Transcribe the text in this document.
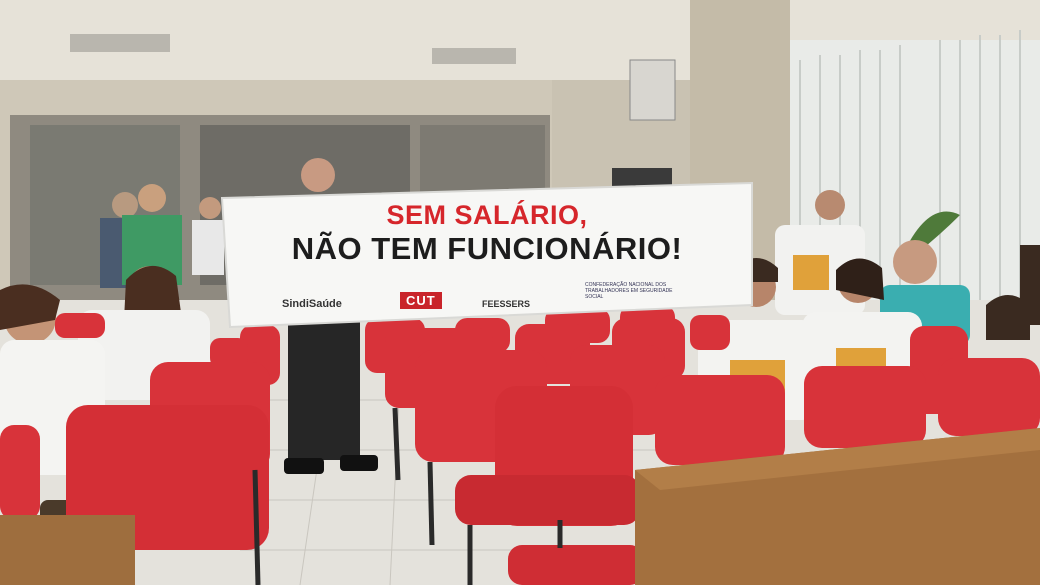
SEM SALÁRIO,

NÃO TEM FUNCIONÁRIO!

SindiSaúde	CUT	FEESSERS
CONFEDERAÇÃO NACIONAL DOS TRABALHADORES EM SEGURIDADE SOCIAL
